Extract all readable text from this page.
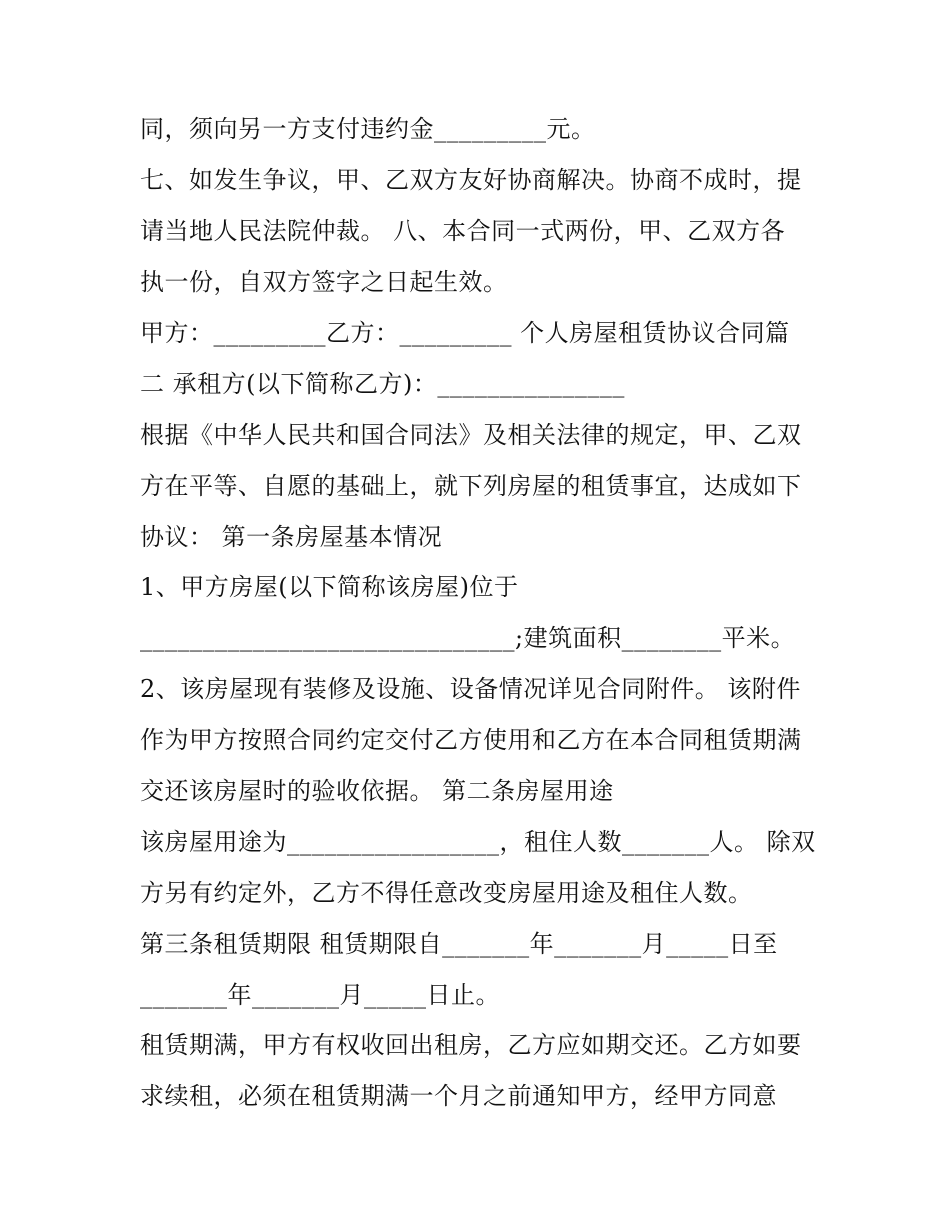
同，须向另一方支付违约金_________元。
七、如发生争议，甲、乙双方友好协商解决。协商不成时，提
请当地人民法院仲裁。 八、本合同一式两份，甲、乙双方各
执一份，自双方签字之日起生效。
甲方：_________乙方：_________ 个人房屋租赁协议合同篇
二 承租方(以下简称乙方)：_______________
根据《中华人民共和国合同法》及相关法律的规定，甲、乙双
方在平等、自愿的基础上，就下列房屋的租赁事宜，达成如下
协议： 第一条房屋基本情况
1、甲方房屋(以下简称该房屋)位于
______________________________;建筑面积________平米。
2、该房屋现有装修及设施、设备情况详见合同附件。 该附件
作为甲方按照合同约定交付乙方使用和乙方在本合同租赁期满
交还该房屋时的验收依据。 第二条房屋用途
该房屋用途为_________________，租住人数_______人。 除双
方另有约定外，乙方不得任意改变房屋用途及租住人数。
第三条租赁期限 租赁期限自_______年_______月_____日至
_______年_______月_____日止。
租赁期满，甲方有权收回出租房，乙方应如期交还。乙方如要
求续租，必须在租赁期满一个月之前通知甲方，经甲方同意
